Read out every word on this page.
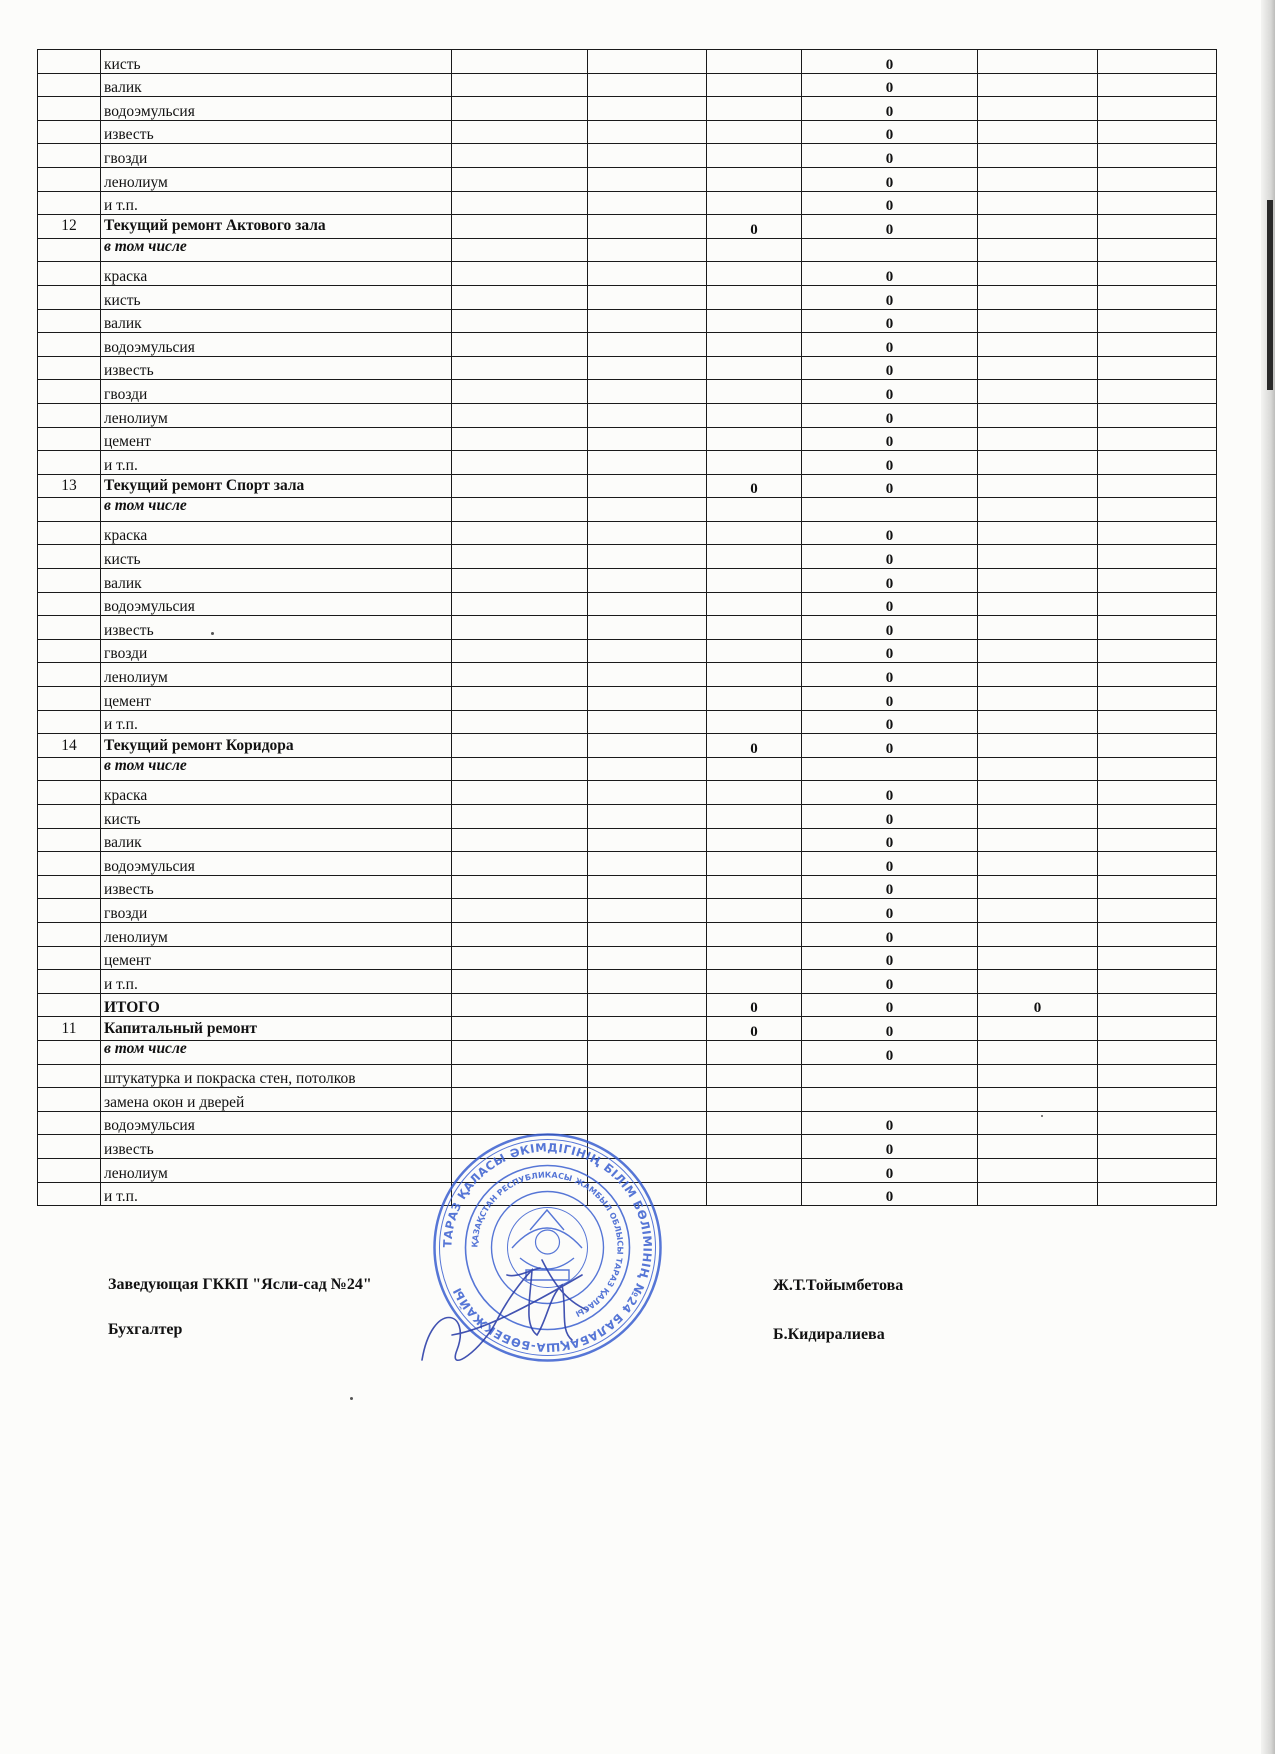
	кисть				0		
	валик				0		
	водоэмульсия				0		
	известь				0		
	гвозди				0		
	ленолиум				0		
	и т.п.				0		
12	Текущий ремонт Актового зала			0	0		
	в том числе						
	краска				0		
	кисть				0		
	валик				0		
	водоэмульсия				0		
	известь				0		
	гвозди				0		
	ленолиум				0		
	цемент				0		
	и т.п.				0		
13	Текущий ремонт Спорт зала			0	0		
	в том числе						
	краска				0		
	кисть				0		
	валик				0		
	водоэмульсия				0		
	известь				0		
	гвозди				0		
	ленолиум				0		
	цемент				0		
	и т.п.				0		
14	Текущий ремонт Коридора			0	0		
	в том числе						
	краска				0		
	кисть				0		
	валик				0		
	водоэмульсия				0		
	известь				0		
	гвозди				0		
	ленолиум				0		
	цемент				0		
	и т.п.				0		
	ИТОГО			0	0	0	
11	Капитальный ремонт			0	0		
	в том числе				0		
	штукатурка и покраска стен, потолков						
	замена окон и дверей						
	водоэмульсия				0		
	известь				0		
	ленолиум				0		
	и т.п.				0		
Заведующая ГККП "Ясли-сад №24"	Ж.Т.Тойымбетова
Бухгалтер	Б.Кидиралиева
ТАРАЗ ҚАЛАСЫ ӘКІМДІГІНІҢ БІЛІМ БӨЛІМІНІҢ №24 БАЛАБАҚША-БӨБЕКЖАЙЫ
ҚАЗАҚСТАН РЕСПУБЛИКАСЫ ЖАМБЫЛ ОБЛЫСЫ ТАРАЗ ҚАЛАСЫ
